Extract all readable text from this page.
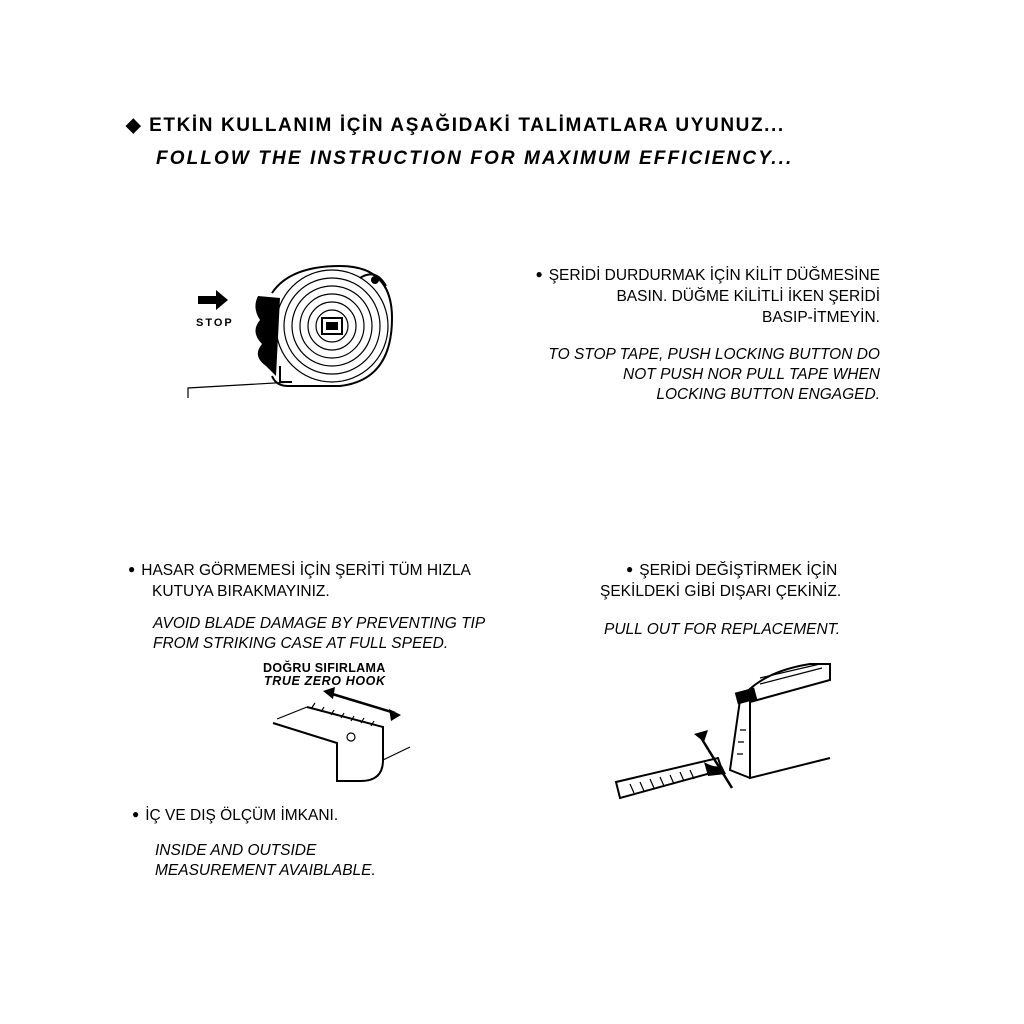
◆ ETKİN KULLANIM İÇİN AŞAĞIDAKİ TALİMATLARA UYUNUZ...
FOLLOW THE INSTRUCTION FOR MAXIMUM EFFICIENCY...
STOP
● ŞERİDİ DURDURMAK İÇİN KİLİT DÜĞMESİNE
BASIN. DÜĞME KİLİTLİ İKEN ŞERİDİ
BASIP-İTMEYİN.
TO STOP TAPE, PUSH LOCKING BUTTON DO
NOT PUSH NOR PULL TAPE WHEN
LOCKING BUTTON ENGAGED.
● HASAR GÖRMEMESİ İÇİN ŞERİTİ TÜM HIZLA
KUTUYA BIRAKMAYINIZ.
AVOID BLADE DAMAGE BY PREVENTING TIP
FROM STRIKING CASE AT FULL SPEED.
DOĞRU SIFIRLAMA
TRUE ZERO HOOK
● ŞERİDİ DEĞİŞTİRMEK İÇİN
ŞEKİLDEKİ GİBİ DIŞARI ÇEKİNİZ.
PULL OUT FOR REPLACEMENT.
● İÇ VE DIŞ ÖLÇÜM İMKANI.
INSIDE AND OUTSIDE
MEASUREMENT AVAIBLABLE.
